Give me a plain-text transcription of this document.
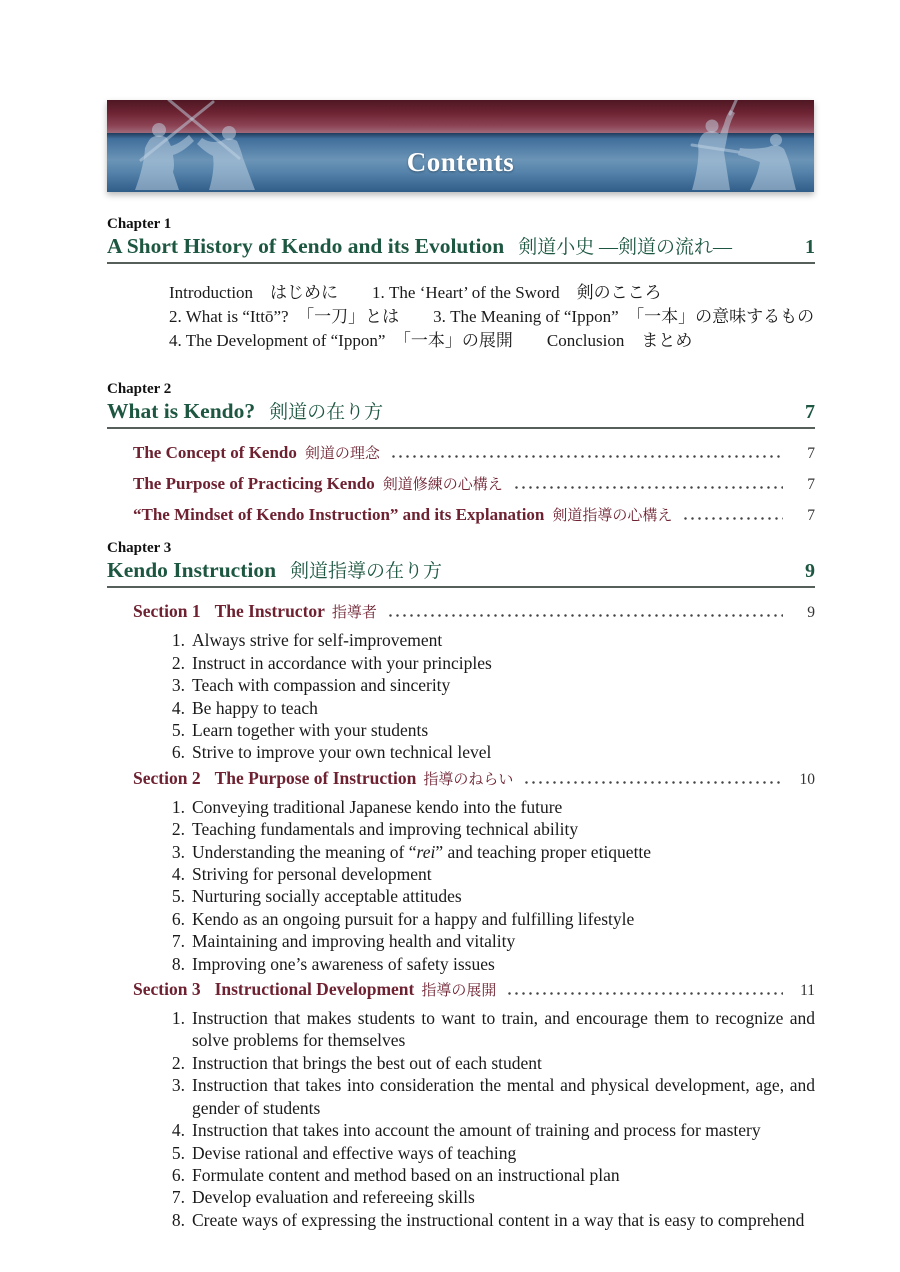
Contents
Chapter 1
A Short History of Kendo and its Evolution 剣道小史 —剣道の流れ—	1
Introduction　はじめに　　1. The ‘Heart’ of the Sword　剣のこころ
2. What is “Ittō”?　「一刀」とは　　3. The Meaning of “Ippon”　「一本」の意味するもの
4. The Development of “Ippon”　「一本」の展開　　Conclusion　まとめ
Chapter 2
What is Kendo? 剣道の在り方	7
The Concept of Kendo 剣道の理念	7
The Purpose of Practicing Kendo 剣道修練の心構え	7
“The Mindset of Kendo Instruction” and its Explanation 剣道指導の心構え	7
Chapter 3
Kendo Instruction 剣道指導の在り方	9
Section 1 The Instructor 指導者	9
1. Always strive for self-improvement
2. Instruct in accordance with your principles
3. Teach with compassion and sincerity
4. Be happy to teach
5. Learn together with your students
6. Strive to improve your own technical level
Section 2 The Purpose of Instruction 指導のねらい	10
1. Conveying traditional Japanese kendo into the future
2. Teaching fundamentals and improving technical ability
3. Understanding the meaning of “rei” and teaching proper etiquette
4. Striving for personal development
5. Nurturing socially acceptable attitudes
6. Kendo as an ongoing pursuit for a happy and fulfilling lifestyle
7. Maintaining and improving health and vitality
8. Improving one’s awareness of safety issues
Section 3 Instructional Development 指導の展開	11
1. Instruction that makes students to want to train, and encourage them to recognize and solve problems for themselves
2. Instruction that brings the best out of each student
3. Instruction that takes into consideration the mental and physical development, age, and gender of students
4. Instruction that takes into account the amount of training and process for mastery
5. Devise rational and effective ways of teaching
6. Formulate content and method based on an instructional plan
7. Develop evaluation and refereeing skills
8. Create ways of expressing the instructional content in a way that is easy to comprehend
